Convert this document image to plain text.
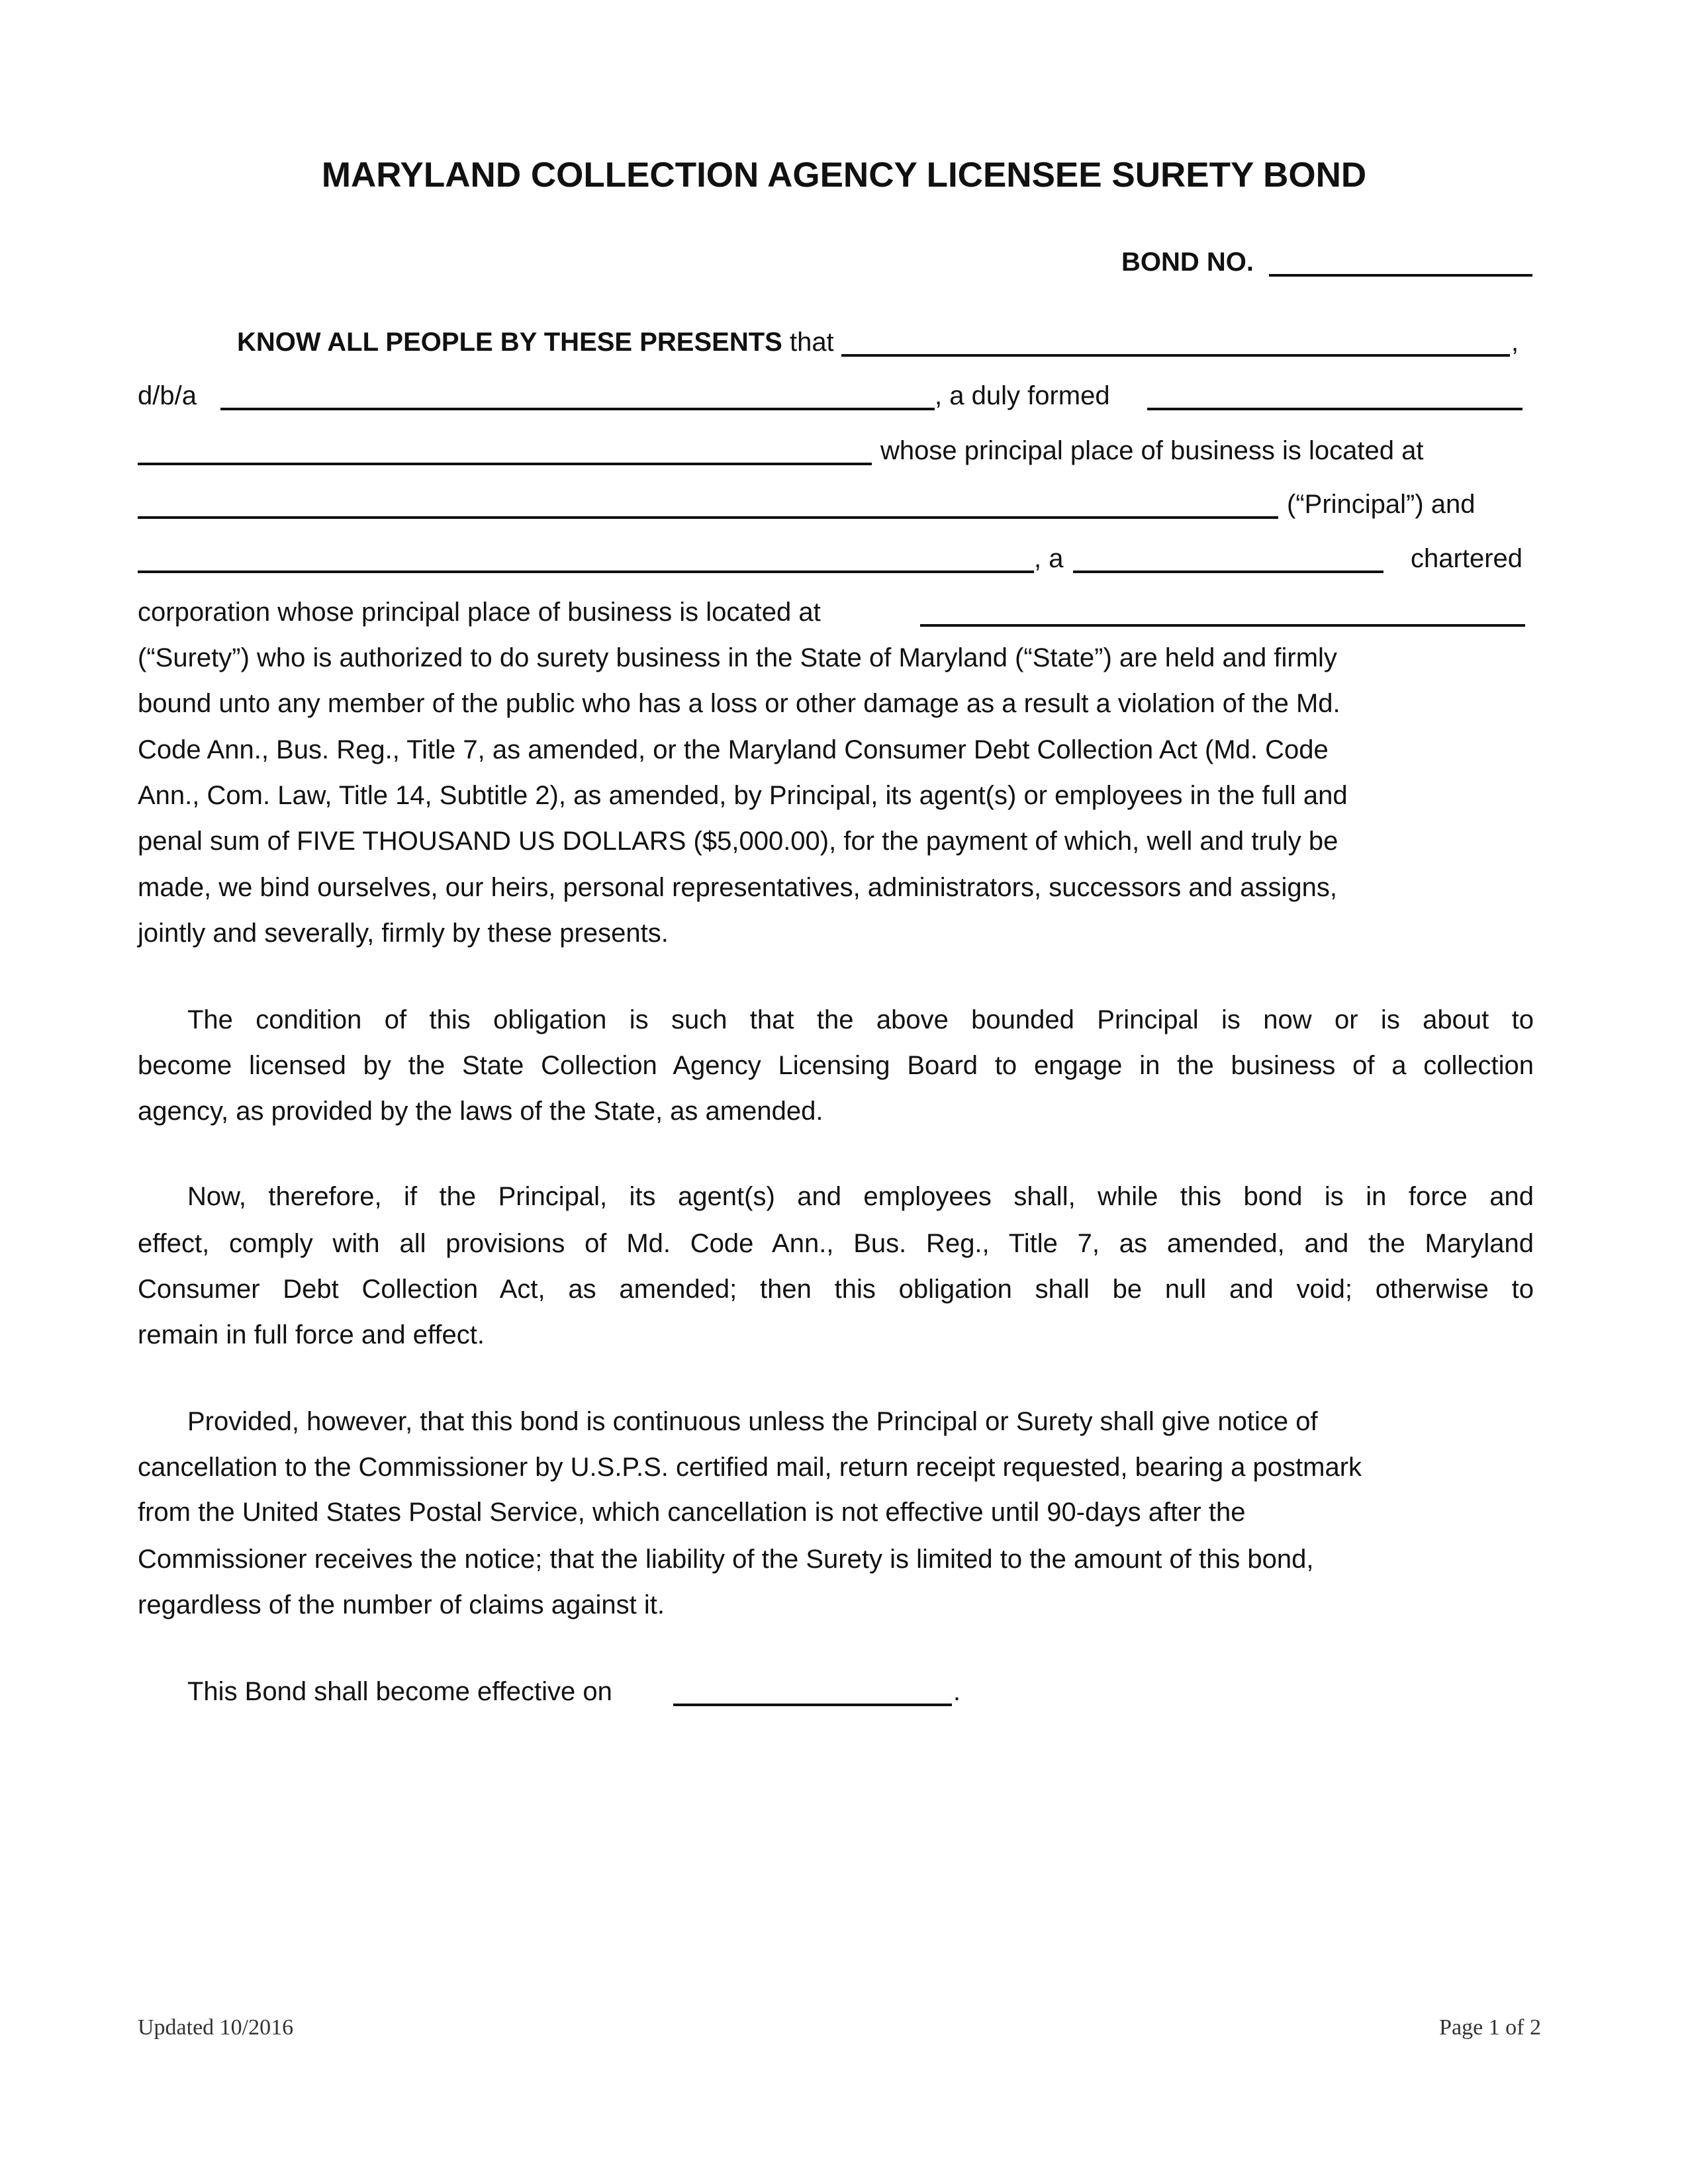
MARYLAND COLLECTION AGENCY LICENSEE SURETY BOND
BOND NO.
KNOW ALL PEOPLE BY THESE PRESENTS that	,
d/b/a	, a duly formed
whose principal place of business is located at
(“Principal”) and
, a	chartered
corporation whose principal place of business is located at
(“Surety”) who is authorized to do surety business in the State of Maryland (“State”) are held and firmly
bound unto any member of the public who has a loss or other damage as a result a violation of the Md.
Code Ann., Bus. Reg., Title 7, as amended, or the Maryland Consumer Debt Collection Act (Md. Code
Ann., Com. Law, Title 14, Subtitle 2), as amended, by Principal, its agent(s) or employees in the full and
penal sum of FIVE THOUSAND US DOLLARS ($5,000.00), for the payment of which, well and truly be
made, we bind ourselves, our heirs, personal representatives, administrators, successors and assigns,
jointly and severally, firmly by these presents.
The condition of this obligation is such that the above bounded Principal is now or is about to
become licensed by the State Collection Agency Licensing Board to engage in the business of a collection
agency, as provided by the laws of the State, as amended.
Now, therefore, if the Principal, its agent(s) and employees shall, while this bond is in force and
effect, comply with all provisions of Md. Code Ann., Bus. Reg., Title 7, as amended, and the Maryland
Consumer Debt Collection Act, as amended; then this obligation shall be null and void; otherwise to
remain in full force and effect.
Provided, however, that this bond is continuous unless the Principal or Surety shall give notice of
cancellation to the Commissioner by U.S.P.S. certified mail, return receipt requested, bearing a postmark
from the United States Postal Service, which cancellation is not effective until 90-days after the
Commissioner receives the notice; that the liability of the Surety is limited to the amount of this bond,
regardless of the number of claims against it.
This Bond shall become effective on	.
Updated 10/2016	Page 1 of 2
